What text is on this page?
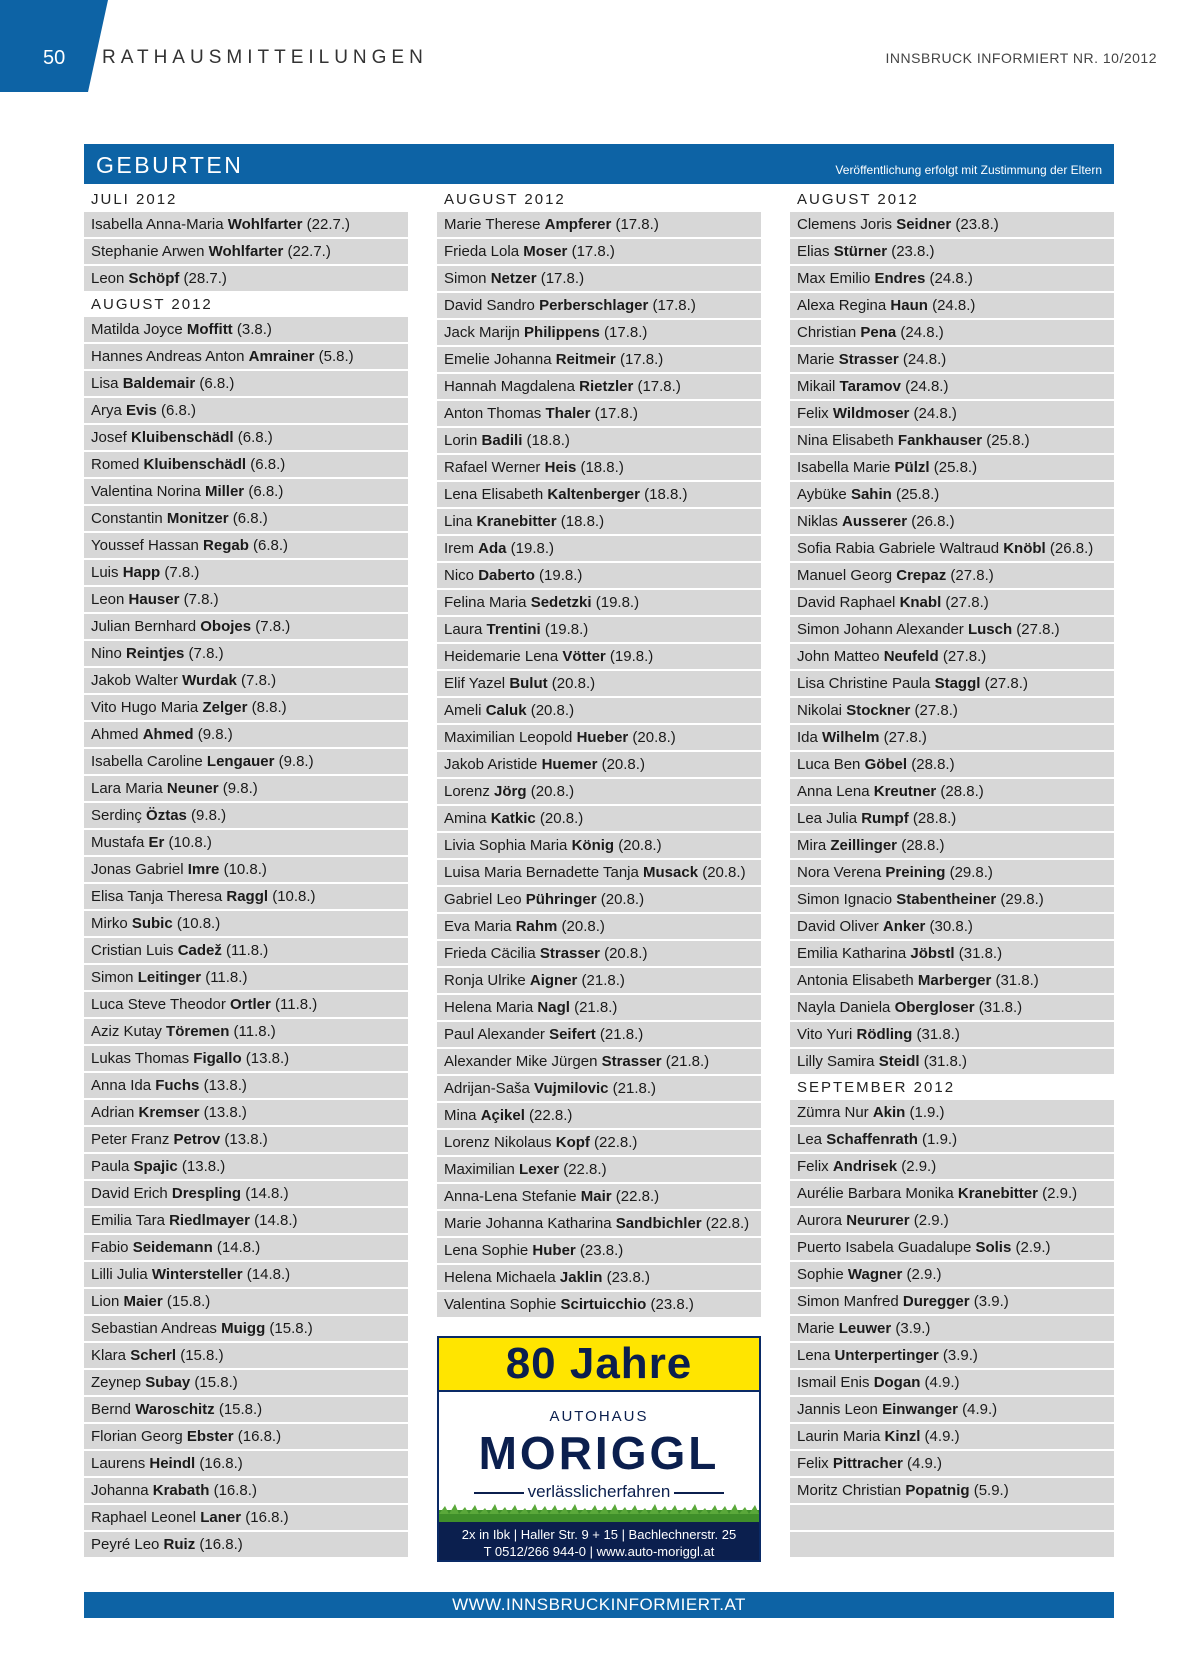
50 RATHAUSMITTEILUNGEN	INNSBRUCK INFORMIERT NR. 10/2012
GEBURTEN	Veröffentlichung erfolgt mit Zustimmung der Eltern
JULI 2012
Isabella Anna-Maria Wohlfarter (22.7.)
Stephanie Arwen Wohlfarter (22.7.)
Leon Schöpf (28.7.)
AUGUST 2012
Matilda Joyce Moffitt (3.8.)
Hannes Andreas Anton Amrainer (5.8.)
Lisa Baldemair (6.8.)
Arya Evis (6.8.)
Josef Kluibenschädl (6.8.)
Romed Kluibenschädl (6.8.)
Valentina Norina Miller (6.8.)
Constantin Monitzer (6.8.)
Youssef Hassan Regab (6.8.)
Luis Happ (7.8.)
Leon Hauser (7.8.)
Julian Bernhard Obojes (7.8.)
Nino Reintjes (7.8.)
Jakob Walter Wurdak (7.8.)
Vito Hugo Maria Zelger (8.8.)
Ahmed Ahmed (9.8.)
Isabella Caroline Lengauer (9.8.)
Lara Maria Neuner (9.8.)
Serdinç Öztas (9.8.)
Mustafa Er (10.8.)
Jonas Gabriel Imre (10.8.)
Elisa Tanja Theresa Raggl (10.8.)
Mirko Subic (10.8.)
Cristian Luis Cadež (11.8.)
Simon Leitinger (11.8.)
Luca Steve Theodor Ortler (11.8.)
Aziz Kutay Töremen (11.8.)
Lukas Thomas Figallo (13.8.)
Anna Ida Fuchs (13.8.)
Adrian Kremser (13.8.)
Peter Franz Petrov (13.8.)
Paula Spajic (13.8.)
David Erich Drespling (14.8.)
Emilia Tara Riedlmayer (14.8.)
Fabio Seidemann (14.8.)
Lilli Julia Wintersteller (14.8.)
Lion Maier (15.8.)
Sebastian Andreas Muigg (15.8.)
Klara Scherl (15.8.)
Zeynep Subay (15.8.)
Bernd Waroschitz (15.8.)
Florian Georg Ebster (16.8.)
Laurens Heindl (16.8.)
Johanna Krabath (16.8.)
Raphael Leonel Laner (16.8.)
Peyré Leo Ruiz (16.8.)
AUGUST 2012
Marie Therese Ampferer (17.8.)
Frieda Lola Moser (17.8.)
Simon Netzer (17.8.)
David Sandro Perberschlager (17.8.)
Jack Marijn Philippens (17.8.)
Emelie Johanna Reitmeir (17.8.)
Hannah Magdalena Rietzler (17.8.)
Anton Thomas Thaler (17.8.)
Lorin Badili (18.8.)
Rafael Werner Heis (18.8.)
Lena Elisabeth Kaltenberger (18.8.)
Lina Kranebitter (18.8.)
Irem Ada (19.8.)
Nico Daberto (19.8.)
Felina Maria Sedetzki (19.8.)
Laura Trentini (19.8.)
Heidemarie Lena Vötter (19.8.)
Elif Yazel Bulut (20.8.)
Ameli Caluk (20.8.)
Maximilian Leopold Hueber (20.8.)
Jakob Aristide Huemer (20.8.)
Lorenz Jörg (20.8.)
Amina Katkic (20.8.)
Livia Sophia Maria König (20.8.)
Luisa Maria Bernadette Tanja Musack (20.8.)
Gabriel Leo Pühringer (20.8.)
Eva Maria Rahm (20.8.)
Frieda Cäcilia Strasser (20.8.)
Ronja Ulrike Aigner (21.8.)
Helena Maria Nagl (21.8.)
Paul Alexander Seifert (21.8.)
Alexander Mike Jürgen Strasser (21.8.)
Adrijan-Saša Vujmilovic (21.8.)
Mina Açikel (22.8.)
Lorenz Nikolaus Kopf (22.8.)
Maximilian Lexer (22.8.)
Anna-Lena Stefanie Mair (22.8.)
Marie Johanna Katharina Sandbichler (22.8.)
Lena Sophie Huber (23.8.)
Helena Michaela Jaklin (23.8.)
Valentina Sophie Scirtuicchio (23.8.)
AUGUST 2012
Clemens Joris Seidner (23.8.)
Elias Stürner (23.8.)
Max Emilio Endres (24.8.)
Alexa Regina Haun (24.8.)
Christian Pena (24.8.)
Marie Strasser (24.8.)
Mikail Taramov (24.8.)
Felix Wildmoser (24.8.)
Nina Elisabeth Fankhauser (25.8.)
Isabella Marie Pülzl (25.8.)
Aybüke Sahin (25.8.)
Niklas Ausserer (26.8.)
Sofia Rabia Gabriele Waltraud Knöbl (26.8.)
Manuel Georg Crepaz (27.8.)
David Raphael Knabl (27.8.)
Simon Johann Alexander Lusch (27.8.)
John Matteo Neufeld (27.8.)
Lisa Christine Paula Staggl (27.8.)
Nikolai Stockner (27.8.)
Ida Wilhelm (27.8.)
Luca Ben Göbel (28.8.)
Anna Lena Kreutner (28.8.)
Lea Julia Rumpf (28.8.)
Mira Zeillinger (28.8.)
Nora Verena Preining (29.8.)
Simon Ignacio Stabentheiner (29.8.)
David Oliver Anker (30.8.)
Emilia Katharina Jöbstl (31.8.)
Antonia Elisabeth Marberger (31.8.)
Nayla Daniela Obergloser (31.8.)
Vito Yuri Rödling (31.8.)
Lilly Samira Steidl (31.8.)
SEPTEMBER 2012
Zümra Nur Akin (1.9.)
Lea Schaffenrath (1.9.)
Felix Andrisek (2.9.)
Aurélie Barbara Monika Kranebitter (2.9.)
Aurora Neururer (2.9.)
Puerto Isabela Guadalupe Solis (2.9.)
Sophie Wagner (2.9.)
Simon Manfred Duregger (3.9.)
Marie Leuwer (3.9.)
Lena Unterpertinger (3.9.)
Ismail Enis Dogan (4.9.)
Jannis Leon Einwanger (4.9.)
Laurin Maria Kinzl (4.9.)
Felix Pittracher (4.9.)
Moritz Christian Popatnig (5.9.)

80 Jahre
AUTOHAUS
MORIGGL
verlässlicherfahren
2x in Ibk | Haller Str. 9 + 15 | Bachlechnerstr. 25
T 0512/266 944-0 | www.auto-moriggl.at
WWW.INNSBRUCKINFORMIERT.AT
